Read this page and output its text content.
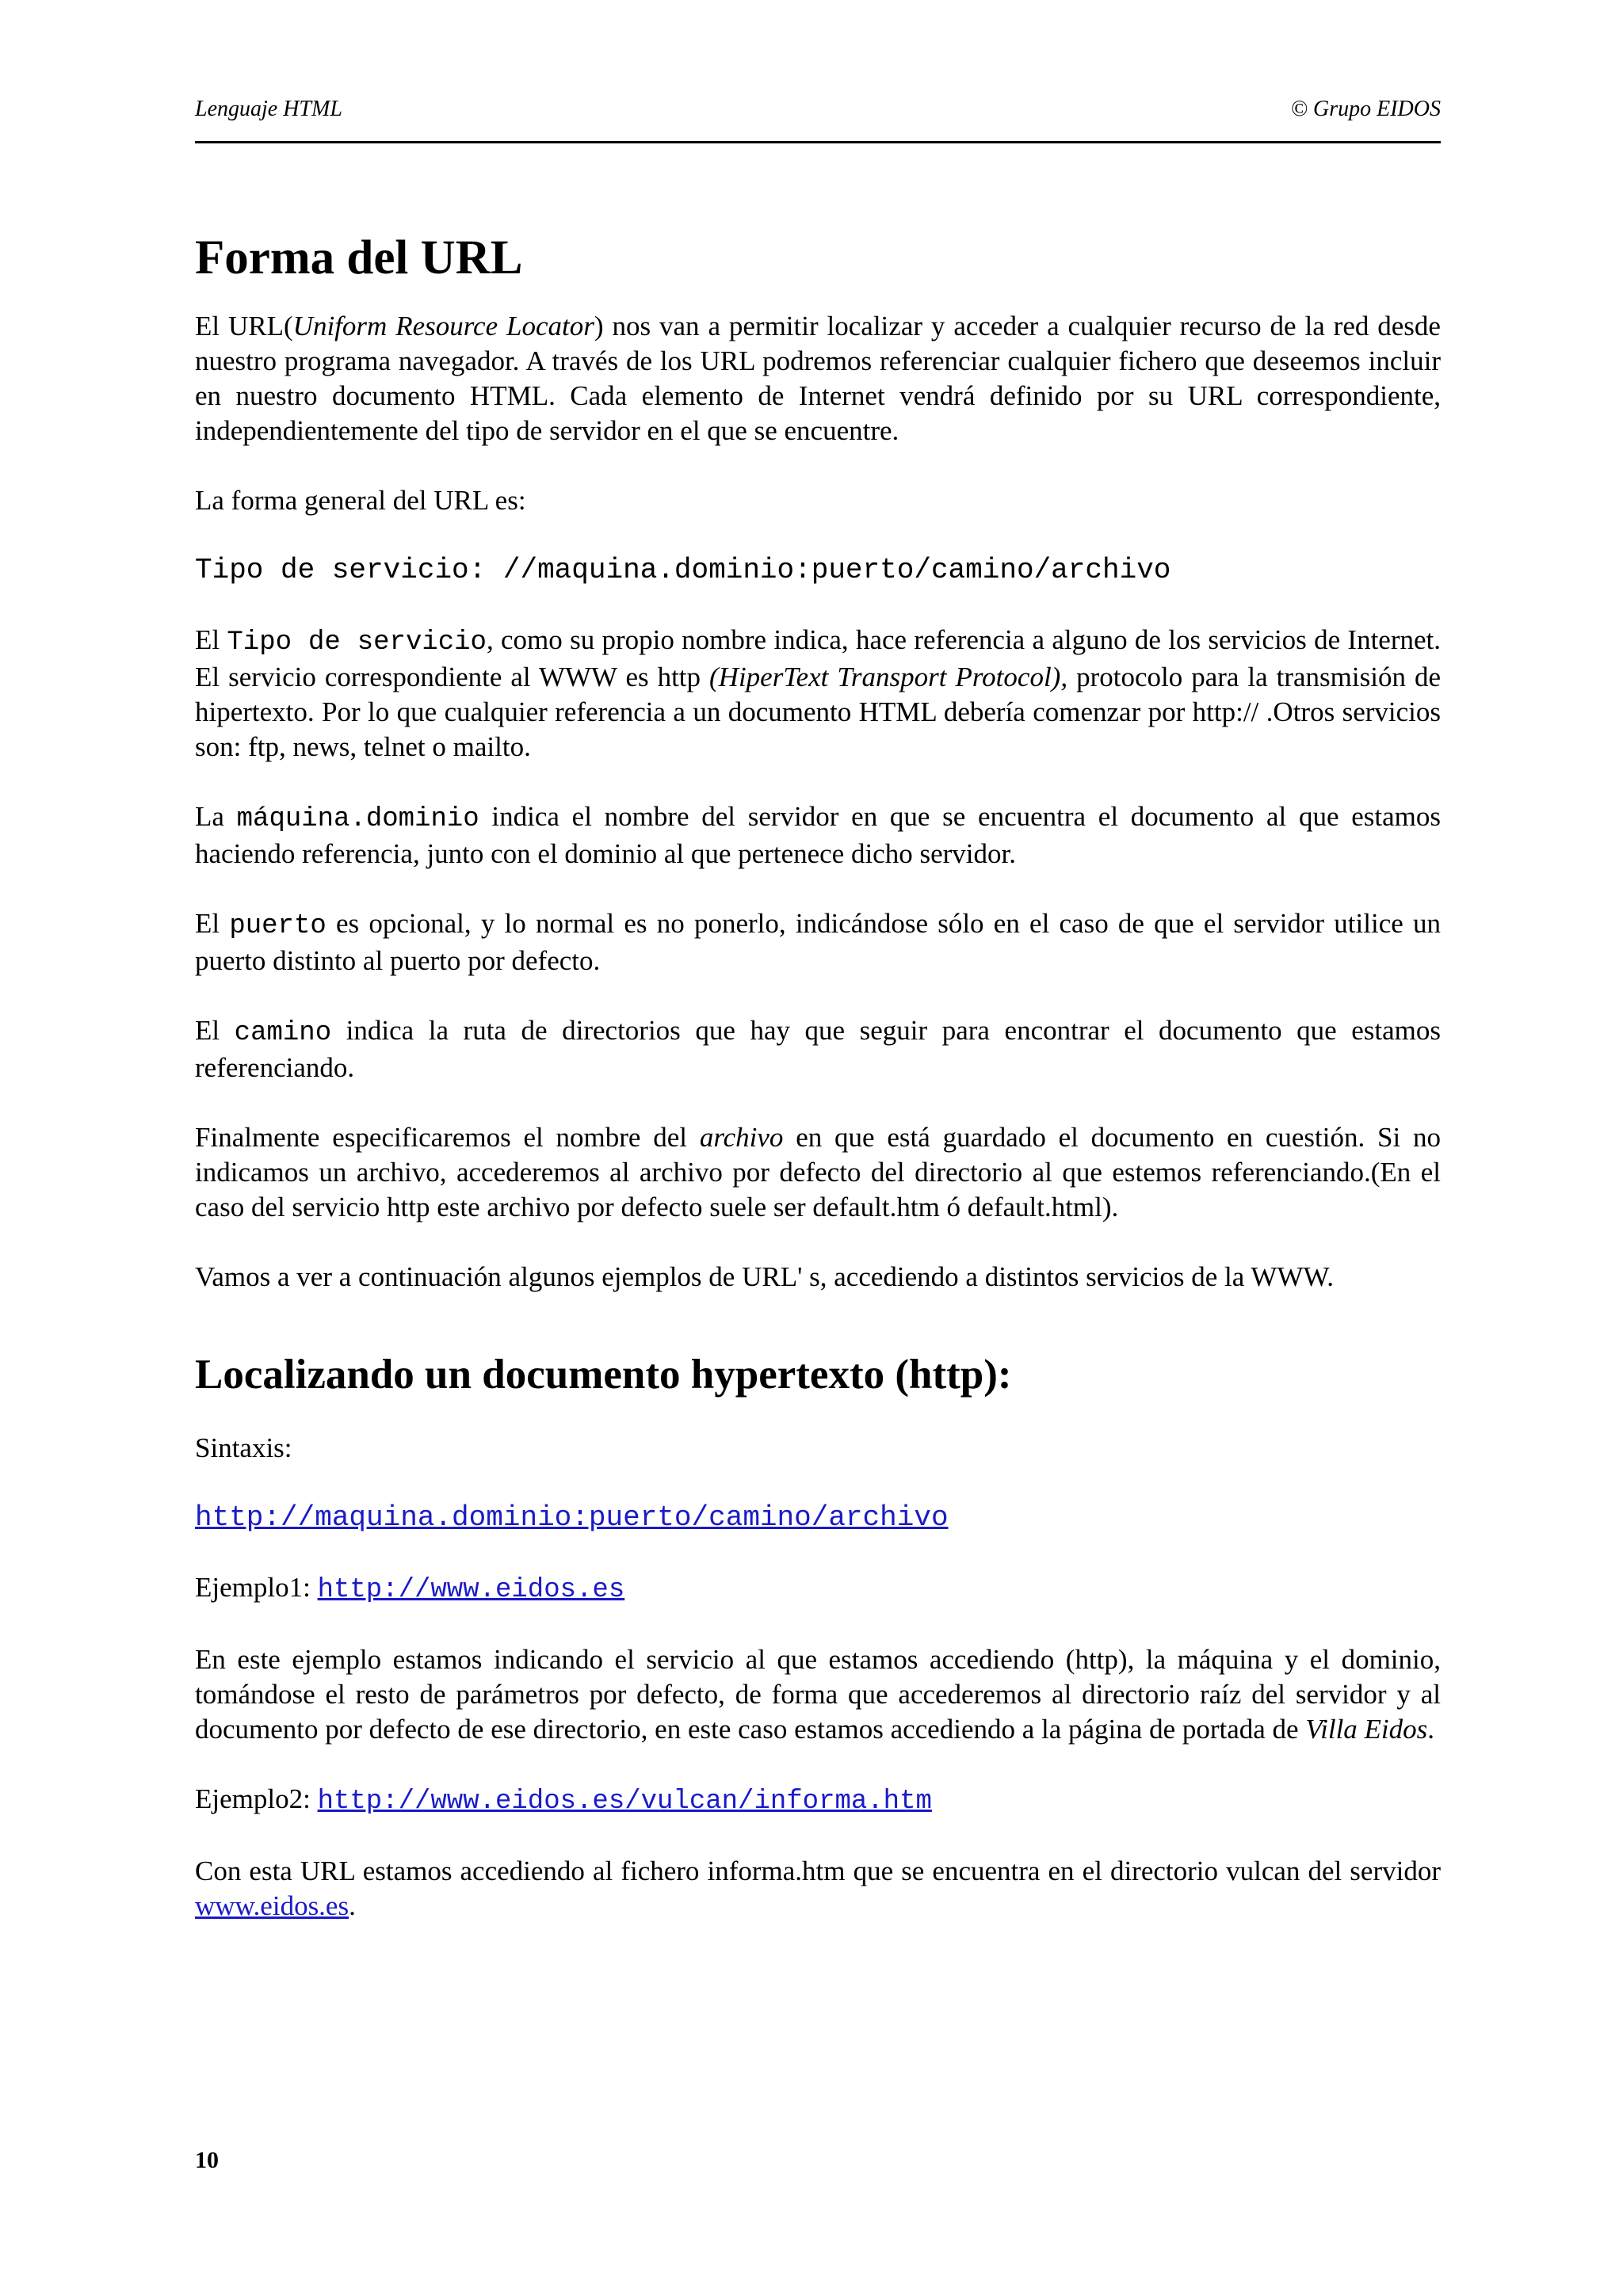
Lenguaje HTML	© Grupo EIDOS
Forma del URL

El URL(Uniform Resource Locator) nos van a permitir localizar y acceder a cualquier recurso de la red desde nuestro programa navegador. A través de los URL podremos referenciar cualquier fichero que deseemos incluir en nuestro documento HTML. Cada elemento de Internet vendrá definido por su URL correspondiente, independientemente del tipo de servidor en el que se encuentre.

La forma general del URL es:

Tipo de servicio: //maquina.dominio:puerto/camino/archivo

El Tipo de servicio, como su propio nombre indica, hace referencia a alguno de los servicios de Internet. El servicio correspondiente al WWW es http (HiperText Transport Protocol), protocolo para la transmisión de hipertexto. Por lo que cualquier referencia a un documento HTML debería comenzar por http:// .Otros servicios son: ftp, news, telnet o mailto.

La máquina.dominio indica el nombre del servidor en que se encuentra el documento al que estamos haciendo referencia, junto con el dominio al que pertenece dicho servidor.

El puerto es opcional, y lo normal es no ponerlo, indicándose sólo en el caso de que el servidor utilice un puerto distinto al puerto por defecto.

El camino indica la ruta de directorios que hay que seguir para encontrar el documento que estamos referenciando.

Finalmente especificaremos el nombre del archivo en que está guardado el documento en cuestión. Si no indicamos un archivo, accederemos al archivo por defecto del directorio al que estemos referenciando.(En el caso del servicio http este archivo por defecto suele ser default.htm ó default.html).

Vamos a ver a continuación algunos ejemplos de URL' s, accediendo a distintos servicios de la WWW.

Localizando un documento hypertexto (http):

Sintaxis:

http://maquina.dominio:puerto/camino/archivo

Ejemplo1: http://www.eidos.es

En este ejemplo estamos indicando el servicio al que estamos accediendo (http), la máquina y el dominio, tomándose el resto de parámetros por defecto, de forma que accederemos al directorio raíz del servidor y al documento por defecto de ese directorio, en este caso estamos accediendo a la página de portada de Villa Eidos.

Ejemplo2: http://www.eidos.es/vulcan/informa.htm

Con esta URL estamos accediendo al fichero informa.htm que se encuentra en el directorio vulcan del servidor www.eidos.es.

10
